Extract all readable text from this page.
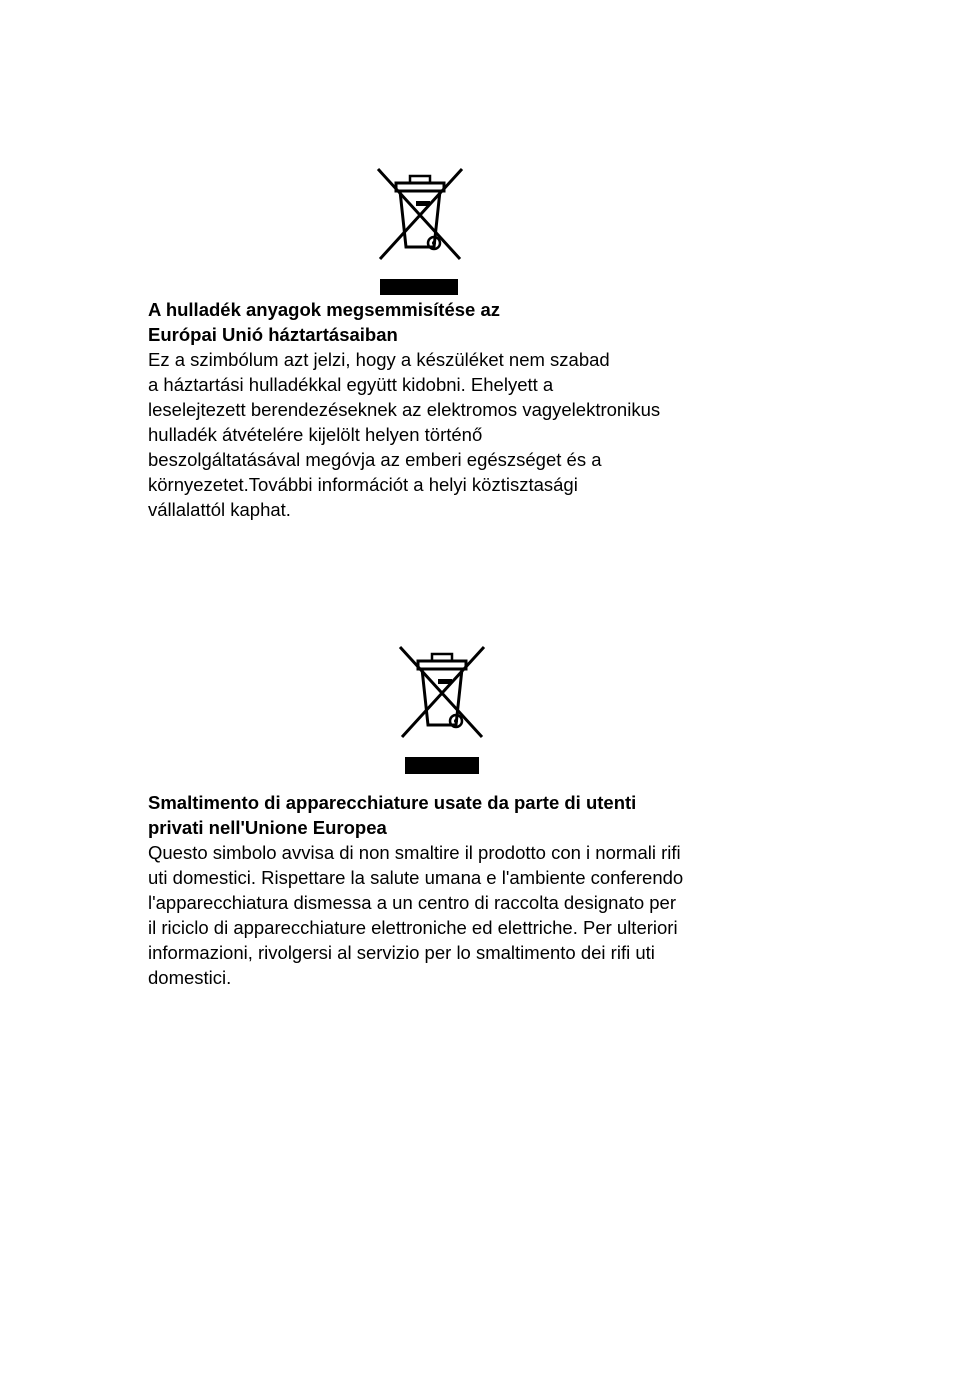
A hulladék anyagok megsemmisítése az
Európai Unió háztartásaiban

Ez a szimbólum azt jelzi, hogy a készüléket nem szabad
a háztartási hulladékkal együtt kidobni. Ehelyett a
leselejtezett berendezéseknek az elektromos vagyelektronikus
hulladék átvételére kijelölt helyen történő
beszolgáltatásával megóvja az emberi egészséget és a
környezetet.További információt a helyi köztisztasági
vállalattól kaphat.

Smaltimento di apparecchiature usate da parte di utenti
privati nell'Unione Europea

Questo simbolo avvisa di non smaltire il prodotto con i normali rifi
uti domestici. Rispettare la salute umana e l'ambiente conferendo
l'apparecchiatura dismessa a un centro di raccolta designato per
il riciclo di apparecchiature elettroniche ed elettriche. Per ulteriori
informazioni, rivolgersi al servizio per lo smaltimento dei rifi uti
domestici.
